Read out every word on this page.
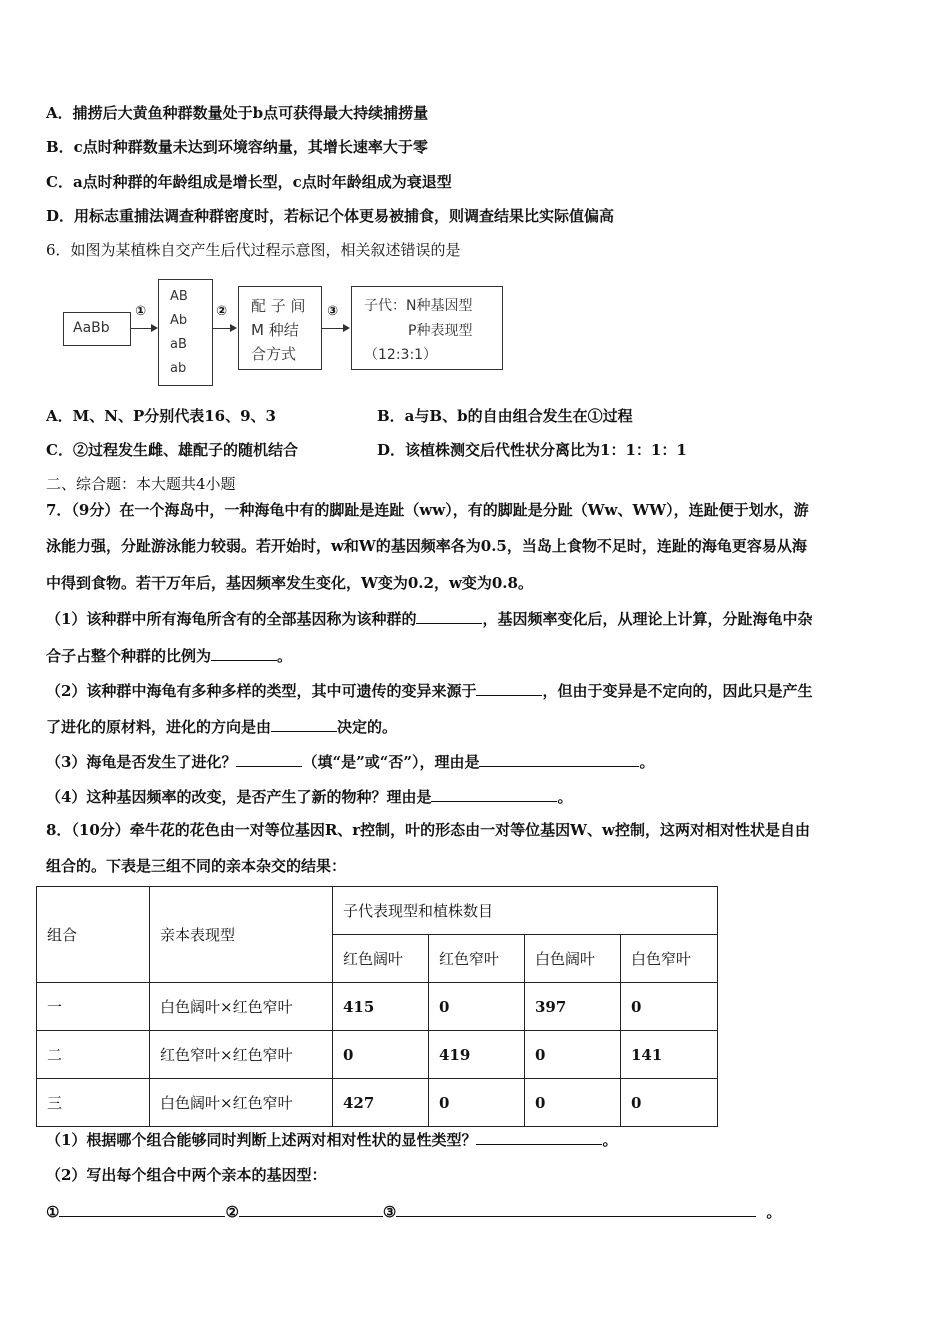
A．捕捞后大黄鱼种群数量处于b点可获得最大持续捕捞量
B．c点时种群数量未达到环境容纳量，其增长速率大于零
C．a点时种群的年龄组成是增长型，c点时年龄组成为衰退型
D．用标志重捕法调查种群密度时，若标记个体更易被捕食，则调查结果比实际值偏高
6．如图为某植株自交产生后代过程示意图，相关叙述错误的是
AaBb
①
AB
Ab
aB
ab
② 配 子 间
M 种结
合方式
③ 子代：N种基因型
P种表现型
（12:3:1）
A．M、N、P分别代表16、9、3	B．a与B、b的自由组合发生在①过程
C．②过程发生雌、雄配子的随机结合	D．该植株测交后代性状分离比为1：1：1：1
二、综合题：本大题共4小题
7．（9分）在一个海岛中，一种海龟中有的脚趾是连趾（ww），有的脚趾是分趾（Ww、WW），连趾便于划水，游
泳能力强，分趾游泳能力较弱。若开始时，w和W的基因频率各为0.5，当岛上食物不足时，连趾的海龟更容易从海
中得到食物。若干万年后，基因频率发生变化，W变为0.2，w变为0.8。
（1）该种群中所有海龟所含有的全部基因称为该种群的	，基因频率变化后，从理论上计算，分趾海龟中杂
合子占整个种群的比例为	。
（2）该种群中海龟有多种多样的类型，其中可遗传的变异来源于	，但由于变异是不定向的，因此只是产生
了进化的原材料，进化的方向是由	决定的。
（3）海龟是否发生了进化？	（填“是”或“否”），理由是	。
（4）这种基因频率的改变，是否产生了新的物种？理由是	。
8．（10分）牵牛花的花色由一对等位基因R、r控制，叶的形态由一对等位基因W、w控制，这两对相对性状是自由
组合的。下表是三组不同的亲本杂交的结果：
组合	亲本表现型	子代表现型和植株数目			
		红色阔叶	红色窄叶	白色阔叶	白色窄叶
一	白色阔叶×红色窄叶	415	0	397	0
二	红色窄叶×红色窄叶	0	419	0	141
三	白色阔叶×红色窄叶	427	0	0	0
（1）根据哪个组合能够同时判断上述两对相对性状的显性类型？	。
（2）写出每个组合中两个亲本的基因型：
①	②	③	。
